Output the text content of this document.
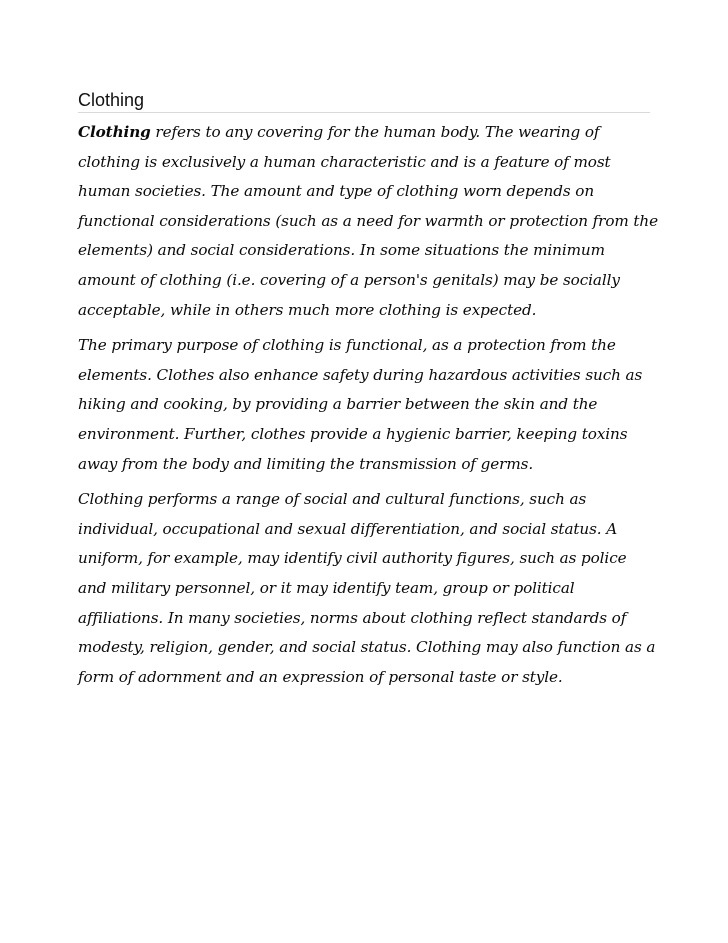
Clothing

Clothing refers to any covering for the human body. The wearing of clothing is exclusively a human characteristic and is a feature of most human societies. The amount and type of clothing worn depends on functional considerations (such as a need for warmth or protection from the elements) and social considerations. In some situations the minimum amount of clothing (i.e. covering of a person's genitals) may be socially acceptable, while in others much more clothing is expected.

The primary purpose of clothing is functional, as a protection from the elements. Clothes also enhance safety during hazardous activities such as hiking and cooking, by providing a barrier between the skin and the environment. Further, clothes provide a hygienic barrier, keeping toxins away from the body and limiting the transmission of germs.

Clothing performs a range of social and cultural functions, such as individual, occupational and sexual differentiation, and social status. A uniform, for example, may identify civil authority figures, such as police and military personnel, or it may identify team, group or political affiliations. In many societies, norms about clothing reflect standards of modesty, religion, gender, and social status. Clothing may also function as a form of adornment and an expression of personal taste or style.
